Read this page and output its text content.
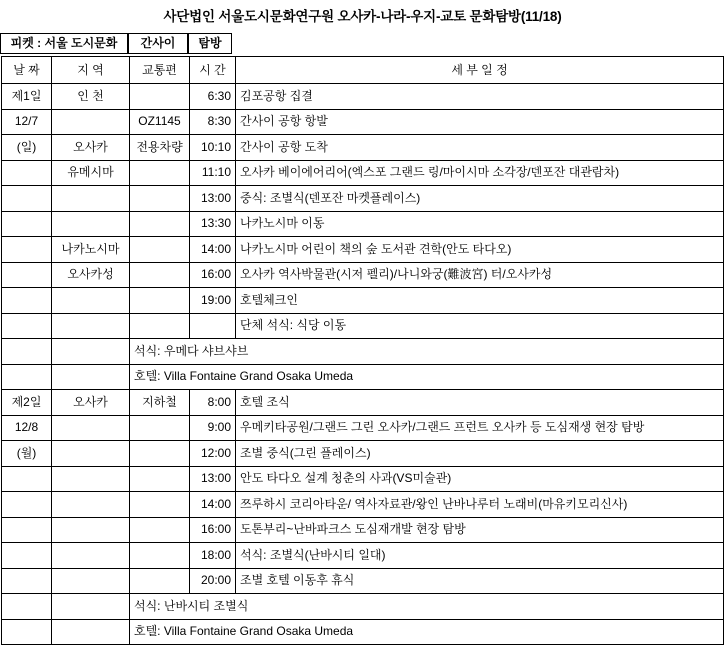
사단법인 서울도시문화연구원 오사카-나라-우지-교토 문화탐방(11/18)
피켓 : 서울 도시문화	간사이	탐방
날 짜	지 역	교통편	시 간	세 부 일 정
제1일	인 천		6:30	김포공항 집결
12/7		OZ1145	8:30	간사이 공항 항발
(일)	오사카	전용차량	10:10	간사이 공항 도착
	유메시마		11:10	오사카 베이에어리어(엑스포 그랜드 링/마이시마 소각장/덴포잔 대관람차)
			13:00	중식: 조별식(덴포잔 마켓플레이스)
			13:30	나카노시마 이동
	나카노시마		14:00	나카노시마 어린이 책의 숲 도서관 견학(안도 타다오)
	오사카성		16:00	오사카 역사박물관(시저 펠리)/나니와궁(難波宮) 터/오사카성
			19:00	호텔체크인
				단체 석식: 식당 이동
		석식: 우메다 샤브샤브		
		호텔: Villa Fontaine Grand Osaka Umeda		
제2일	오사카	지하철	8:00	호텔 조식
12/8			9:00	우메키타공원/그랜드 그린 오사카/그랜드 프런트 오사카 등 도심재생 현장 탐방
(월)			12:00	조별 중식(그린 플레이스)
			13:00	안도 타다오 설계 청춘의 사과(VS미술관)
			14:00	쯔루하시 코리아타운/ 역사자료관/왕인 난바나루터 노래비(마유키모리신사)
			16:00	도톤부리~난바파크스 도심재개발 현장 탐방
			18:00	석식: 조별식(난바시티 일대)
			20:00	조별 호텔 이동후 휴식
		석식: 난바시티 조별식		
		호텔: Villa Fontaine Grand Osaka Umeda		
